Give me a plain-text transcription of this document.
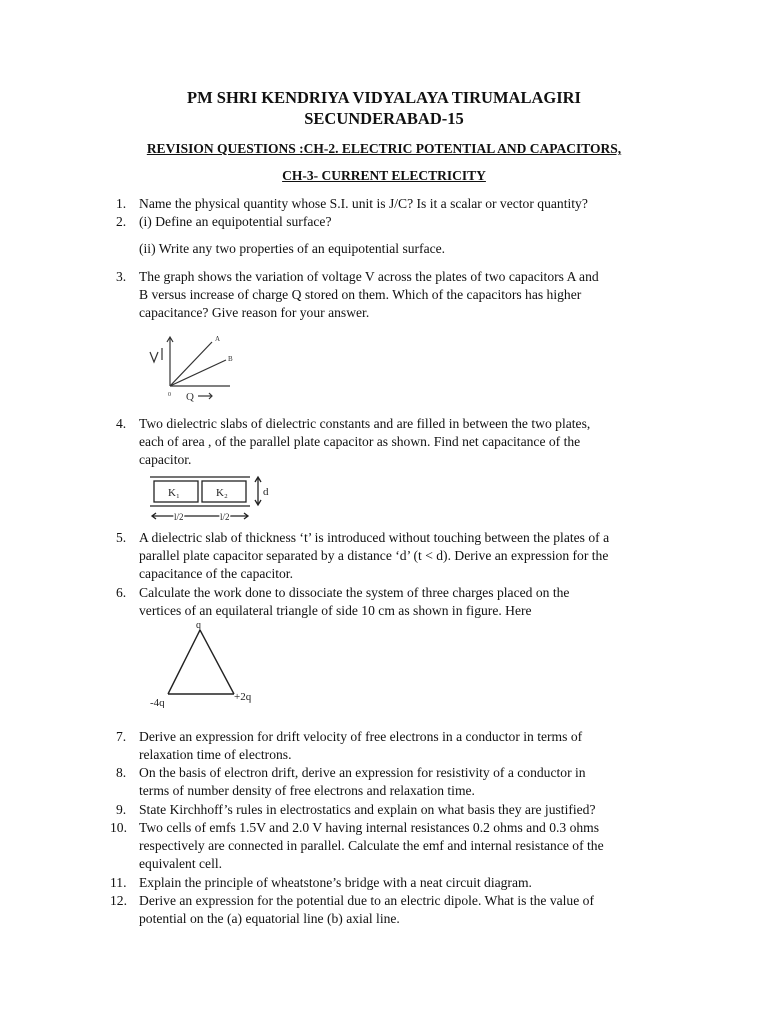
PM SHRI KENDRIYA VIDYALAYA TIRUMALAGIRI
SECUNDERABAD-15
REVISION QUESTIONS :CH-2. ELECTRIC POTENTIAL AND CAPACITORS,
CH-3- CURRENT ELECTRICITY
1. Name the physical quantity whose S.I. unit is J/C? Is it a scalar or vector quantity?
2. (i) Define an equipotential surface?
(ii) Write any two properties of an equipotential surface.
3. The graph shows the variation of voltage V across the plates of two capacitors A and
B versus increase of charge Q stored on them. Which of the capacitors has higher
capacitance? Give reason for your answer.
0
A
B
Q
4. Two dielectric slabs of dielectric constants and are filled in between the two plates,
each of area , of the parallel plate capacitor as shown. Find net capacitance of the
capacitor.
K₁	K₂	d
l/2	l/2
5. A dielectric slab of thickness ‘t’ is introduced without touching between the plates of a
parallel plate capacitor separated by a distance ‘d’ (t < d). Derive an expression for the
capacitance of the capacitor.
6. Calculate the work done to dissociate the system of three charges placed on the
vertices of an equilateral triangle of side 10 cm as shown in figure. Here
q
-4q	+2q
7. Derive an expression for drift velocity of free electrons in a conductor in terms of
relaxation time of electrons.
8. On the basis of electron drift, derive an expression for resistivity of a conductor in
terms of number density of free electrons and relaxation time.
9. State Kirchhoff’s rules in electrostatics and explain on what basis they are justified?
10. Two cells of emfs 1.5V and 2.0 V having internal resistances 0.2 ohms and 0.3 ohms
respectively are connected in parallel. Calculate the emf and internal resistance of the
equivalent cell.
11. Explain the principle of wheatstone’s bridge with a neat circuit diagram.
12. Derive an expression for the potential due to an electric dipole. What is the value of
potential on the (a) equatorial line (b) axial line.
